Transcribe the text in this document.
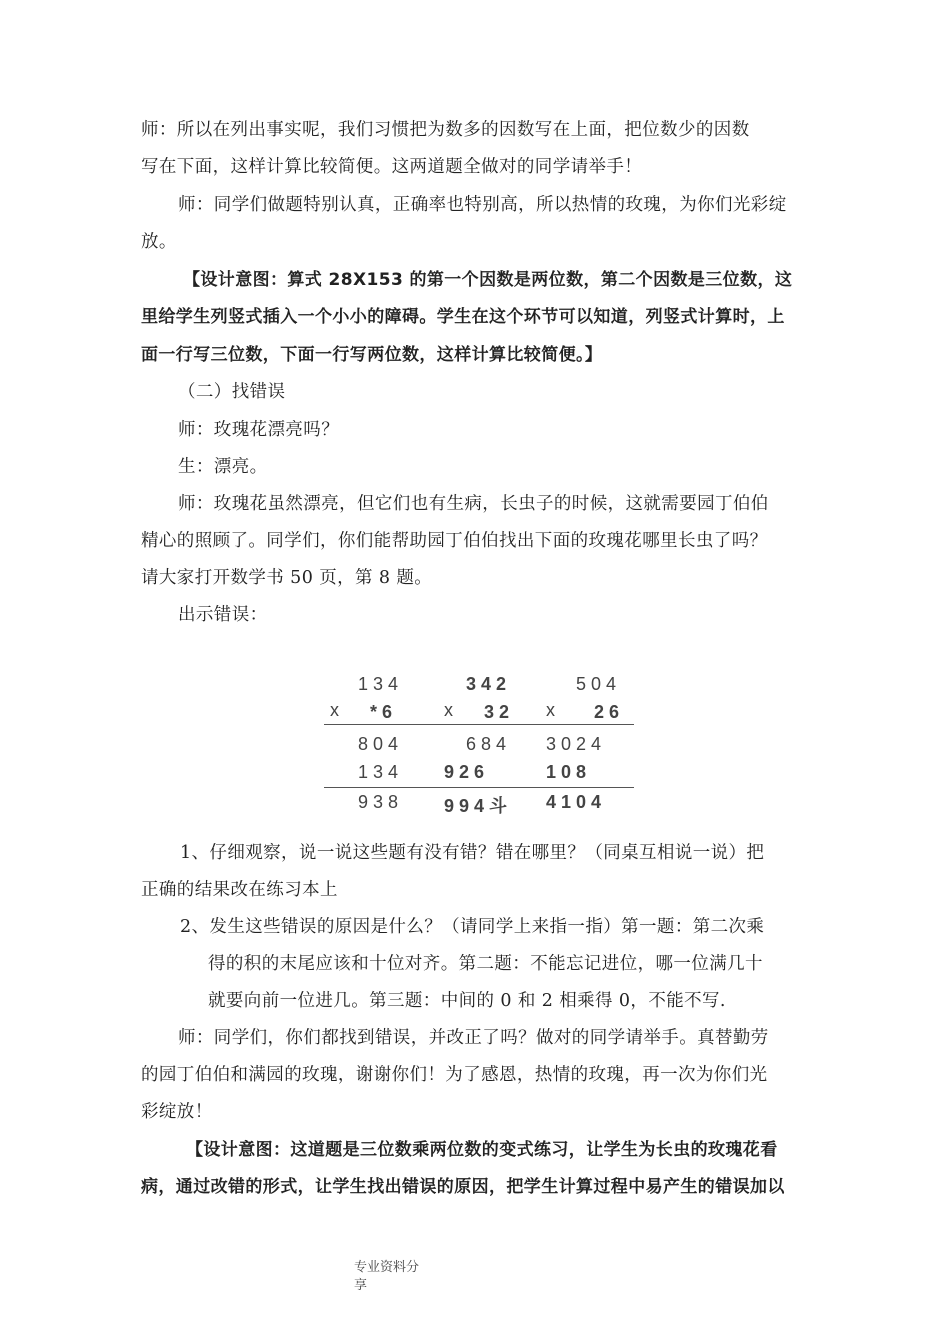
师：所以在列出事实呢，我们习惯把为数多的因数写在上面，把位数少的因数
写在下面，这样计算比较简便。这两道题全做对的同学请举手！
师：同学们做题特别认真，正确率也特别高，所以热情的玫瑰，为你们光彩绽
放。
【设计意图：算式 28X153 的第一个因数是两位数，第二个因数是三位数，这
里给学生列竖式插入一个小小的障碍。学生在这个环节可以知道，列竖式计算时，上
面一行写三位数，下面一行写两位数，这样计算比较简便。】
（二）找错误
师：玫瑰花漂亮吗？
生：漂亮。
师：玫瑰花虽然漂亮，但它们也有生病，长虫子的时候，这就需要园丁伯伯
精心的照顾了。同学们，你们能帮助园丁伯伯找出下面的玫瑰花哪里长虫了吗？
请大家打开数学书 50 页，第 8 题。
出示错误：
1 3 4
x * 6
8 0 4
1 3 4
9 3 8
3 4 2
x 3 2
6 8 4
9 2 6
9 9 4 斗
5 0 4
x 2 6
3 0 2 4
1 0 8
4 1 0 4
1、仔细观察，说一说这些题有没有错？错在哪里？（同桌互相说一说）把
正确的结果改在练习本上
2、发生这些错误的原因是什么？（请同学上来指一指）第一题：第二次乘
得的积的末尾应该和十位对齐。第二题：不能忘记进位，哪一位满几十
就要向前一位进几。第三题：中间的 0 和 2 相乘得 0，不能不写.
师：同学们，你们都找到错误，并改正了吗？做对的同学请举手。真替勤劳
的园丁伯伯和满园的玫瑰，谢谢你们！为了感恩，热情的玫瑰，再一次为你们光
彩绽放！
【设计意图：这道题是三位数乘两位数的变式练习，让学生为长虫的玫瑰花看
病，通过改错的形式，让学生找出错误的原因，把学生计算过程中易产生的错误加以
专业资料分
享
